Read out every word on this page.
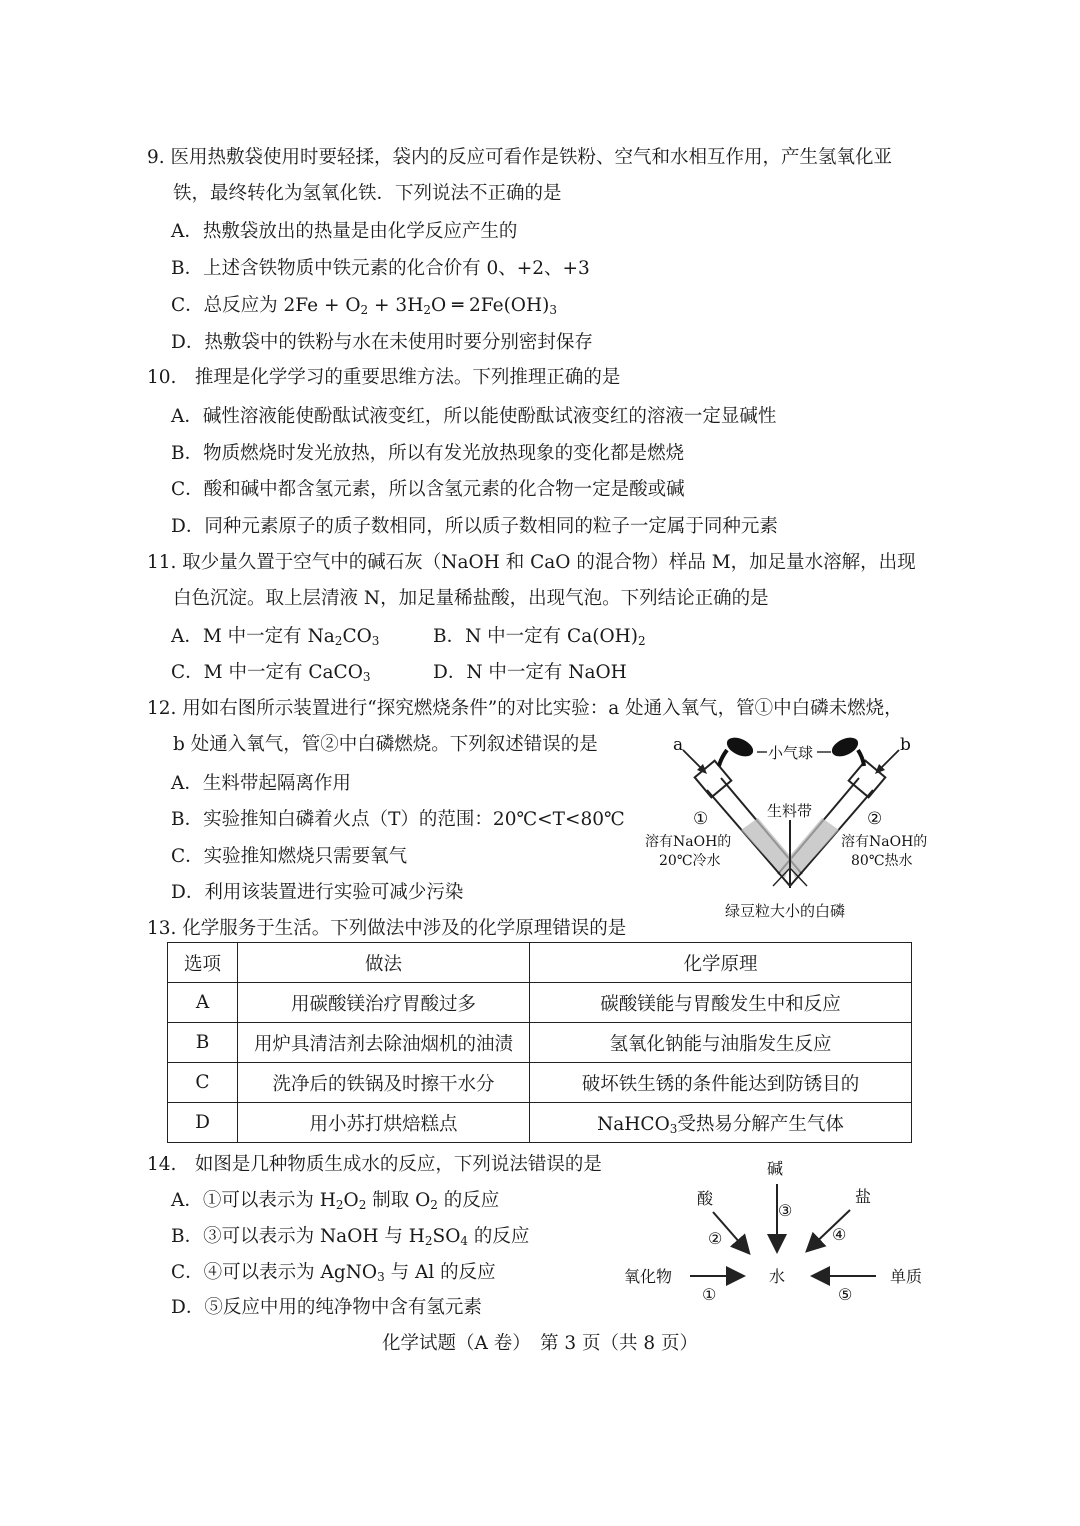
9. 医用热敷袋使用时要轻揉，袋内的反应可看作是铁粉、空气和水相互作用，产生氢氧化亚
铁，最终转化为氢氧化铁．下列说法不正确的是
A．热敷袋放出的热量是由化学反应产生的
B．上述含铁物质中铁元素的化合价有 0、+2、+3
C．总反应为 $2Fe + O_2 + 3H_2O$ ═ $2Fe(OH)_3$
D．热敷袋中的铁粉与水在未使用时要分别密封保存
10.　推理是化学学习的重要思维方法。下列推理正确的是
A．碱性溶液能使酚酞试液变红，所以能使酚酞试液变红的溶液一定显碱性
B．物质燃烧时发光放热，所以有发光放热现象的变化都是燃烧
C．酸和碱中都含氢元素，所以含氢元素的化合物一定是酸或碱
D．同种元素原子的质子数相同，所以质子数相同的粒子一定属于同种元素
11. 取少量久置于空气中的碱石灰（NaOH 和 CaO 的混合物）样品 M，加足量水溶解，出现
白色沉淀。取上层清液 N，加足量稀盐酸，出现气泡。下列结论正确的是
A．M 中一定有 $Na_2CO_3$	B．N 中一定有 $Ca(OH)_2$
C．M 中一定有 CaCO$_3$	D．N 中一定有 NaOH
12. 用如右图所示装置进行“探究燃烧条件”的对比实验：a 处通入氧气，管①中白磷未燃烧，
b 处通入氧气，管②中白磷燃烧。下列叙述错误的是
A．生料带起隔离作用
B．实验推知白磷着火点（T）的范围：20℃<T<80℃
C．实验推知燃烧只需要氧气
D．利用该装置进行实验可减少污染
a	b
小气球
生料带
①	②
溶有NaOH的
20℃冷水
溶有NaOH的
80℃热水
绿豆粒大小的白磷
13. 化学服务于生活。下列做法中涉及的化学原理错误的是
选项	做法	化学原理
A	用碳酸镁治疗胃酸过多	碳酸镁能与胃酸发生中和反应
B	用炉具清洁剂去除油烟机的油渍	氢氧化钠能与油脂发生反应
C	洗净后的铁锅及时擦干水分	破坏铁生锈的条件能达到防锈目的
D	用小苏打烘焙糕点	NaHCO$_3$受热易分解产生气体
14.　如图是几种物质生成水的反应，下列说法错误的是
A．①可以表示为 $H_2O_2$ 制取 $O_2$ 的反应
B．③可以表示为 NaOH 与 $H_2SO_4$ 的反应
C．④可以表示为 AgNO$_3$ 与 Al 的反应
D．⑤反应中用的纯净物中含有氢元素
碱
酸	盐
氧化物	水	单质
③
②	④
①	⑤
化学试题（A 卷）　第 3 页（共 8 页）
